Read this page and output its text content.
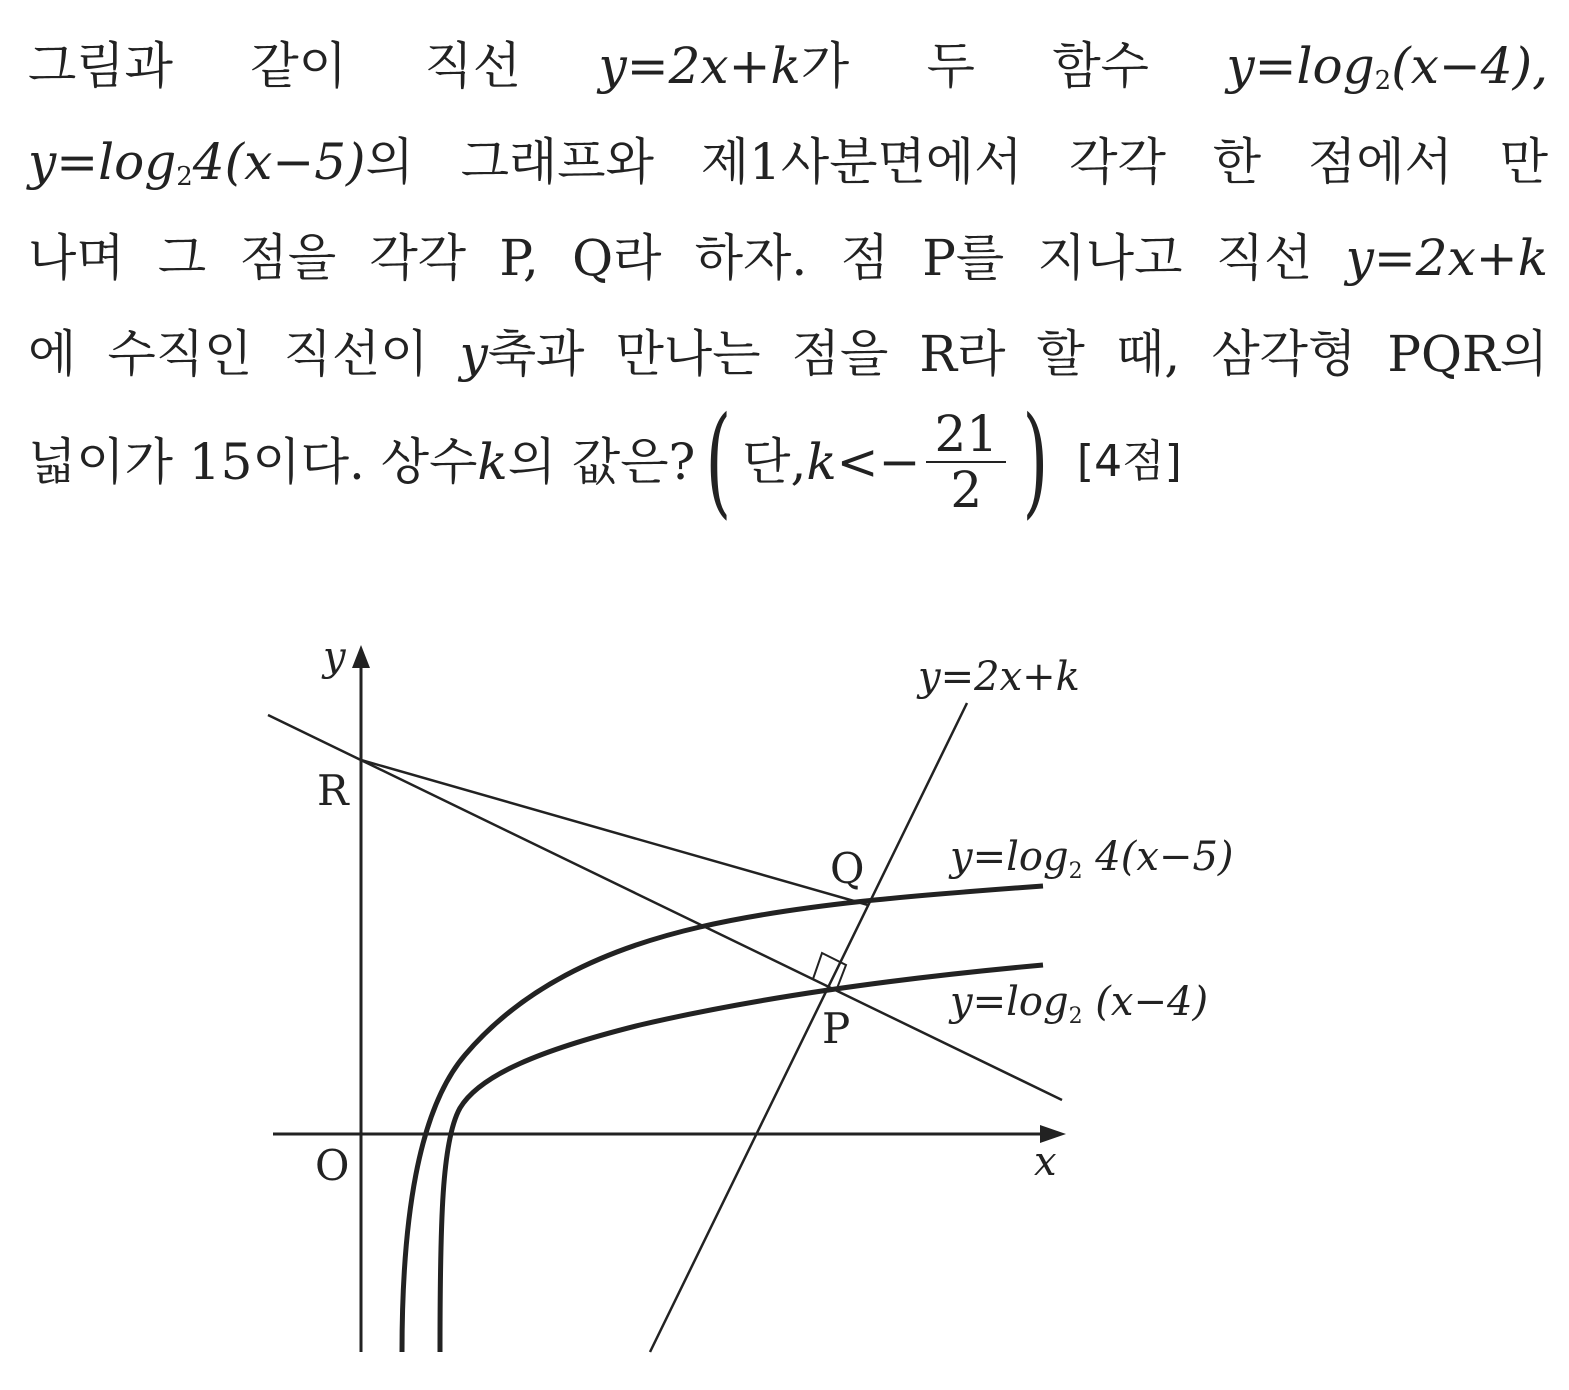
그림과 같이 직선 y=2x+k가 두 함수 $y=\log_2(x-4)$,
$y=\log_24(x-5)$의 그래프와 제1사분면에서 각각 한 점에서 만
나며 그 점을 각각 P, Q라 하자. 점 P를 지나고 직선 y=2x+k
에 수직인 직선이 y축과 만나는 점을 R라 할 때, 삼각형 PQR의
넓이가 15이다. 상수 k 의 값은? ( 단, $k <- \frac{21}{2}$ ) [4점]
y
x
O
R
Q
P
y=2x+k
$y=\log_2$ 4(x−5)
$y=\log_2$ (x−4)
